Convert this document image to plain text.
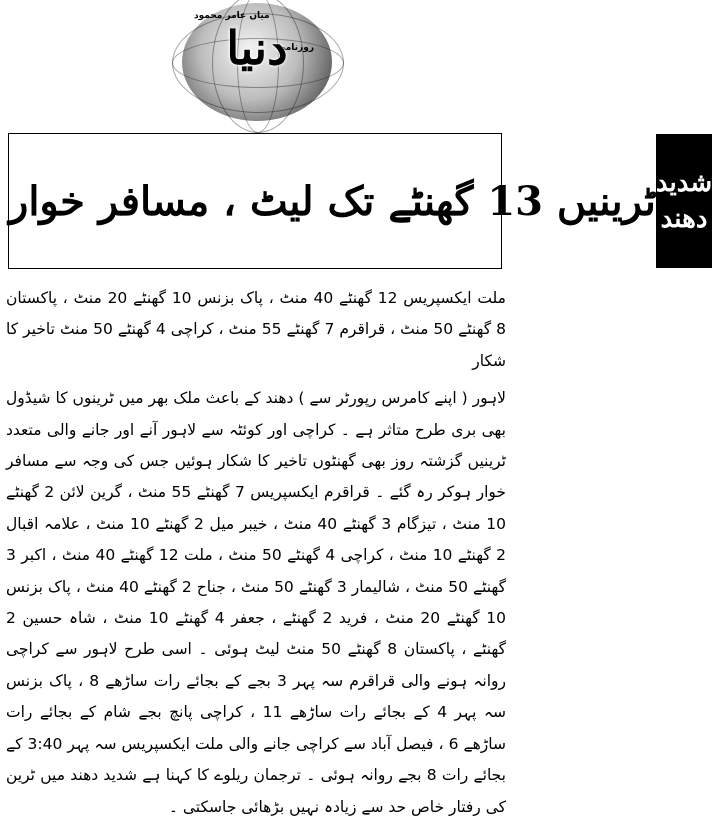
میاں عامر محمود
روزنامہ
دنیا
ٹرینیں 13 گھنٹے تک لیٹ ، مسافر خوار شدید
دھند

ملت ایکسپریس 12 گھنٹے 40 منٹ ، پاک بزنس 10 گھنٹے 20 منٹ ، پاکستان 8 گھنٹے 50 منٹ ، قراقرم 7 گھنٹے 55 منٹ ، کراچی 4 گھنٹے 50 منٹ تاخیر کا شکار

لاہور ( اپنے کامرس رپورٹر سے ) دھند کے باعث ملک بھر میں ٹرینوں کا شیڈول بھی بری طرح متاثر ہے ۔ کراچی اور کوئٹہ سے لاہور آنے اور جانے والی متعدد ٹرینیں گزشتہ روز بھی گھنٹوں تاخیر کا شکار ہوئیں جس کی وجہ سے مسافر خوار ہوکر رہ گئے ۔ قراقرم ایکسپریس 7 گھنٹے 55 منٹ ، گرین لائن 2 گھنٹے 10 منٹ ، تیزگام 3 گھنٹے 40 منٹ ، خیبر میل 2 گھنٹے 10 منٹ ، علامہ اقبال 2 گھنٹے 10 منٹ ، کراچی 4 گھنٹے 50 منٹ ، ملت 12 گھنٹے 40 منٹ ، اکبر 3 گھنٹے 50 منٹ ، شالیمار 3 گھنٹے 50 منٹ ، جناح 2 گھنٹے 40 منٹ ، پاک بزنس 10 گھنٹے 20 منٹ ، فرید 2 گھنٹے ، جعفر 4 گھنٹے 10 منٹ ، شاہ حسین 2 گھنٹے ، پاکستان 8 گھنٹے 50 منٹ لیٹ ہوئی ۔ اسی طرح لاہور سے کراچی روانہ ہونے والی قراقرم سہ پہر 3 بجے کے بجائے رات ساڑھے 8 ، پاک بزنس سہ پہر 4 کے بجائے رات ساڑھے 11 ، کراچی پانچ بجے شام کے بجائے رات ساڑھے 6 ، فیصل آباد سے کراچی جانے والی ملت ایکسپریس سہ پہر 3:40 کے بجائے رات 8 بجے روانہ ہوئی ۔ ترجمان ریلوے کا کہنا ہے شدید دھند میں ٹرین کی رفتار خاص حد سے زیادہ نہیں بڑھائی جاسکتی ۔
